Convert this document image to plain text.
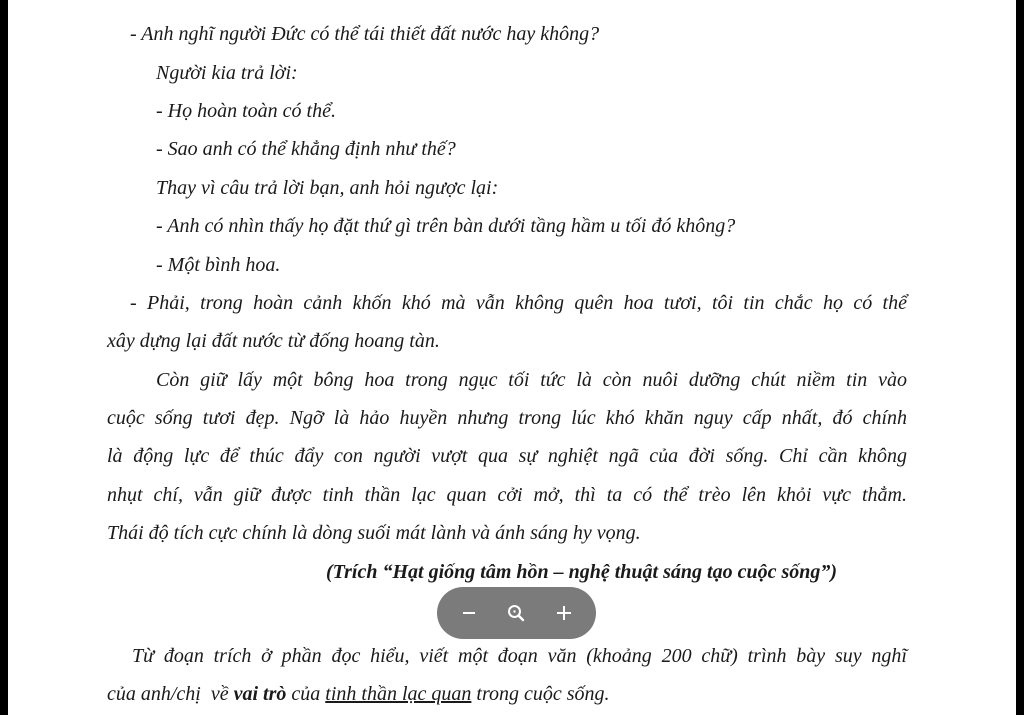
- Anh nghĩ người Đức có thể tái thiết đất nước hay không?
Người kia trả lời:
- Họ hoàn toàn có thể.
- Sao anh có thể khẳng định như thế?
Thay vì câu trả lời bạn, anh hỏi ngược lại:
- Anh có nhìn thấy họ đặt thứ gì trên bàn dưới tầng hầm u tối đó không?
- Một bình hoa.
- Phải, trong hoàn cảnh khốn khó mà vẫn không quên hoa tươi, tôi tin chắc họ có thể
xây dựng lại đất nước từ đống hoang tàn.
Còn giữ lấy một bông hoa trong ngục tối tức là còn nuôi dưỡng chút niềm tin vào
cuộc sống tươi đẹp. Ngỡ là hảo huyền nhưng trong lúc khó khăn nguy cấp nhất, đó chính
là động lực để thúc đẩy con người vượt qua sự nghiệt ngã của đời sống. Chỉ cần không
nhụt chí, vẫn giữ được tinh thần lạc quan cởi mở, thì ta có thể trèo lên khỏi vực thẳm.
Thái độ tích cực chính là dòng suối mát lành và ánh sáng hy vọng.
(Trích “Hạt giống tâm hồn – nghệ thuật sáng tạo cuộc sống”)
Từ đoạn trích ở phần đọc hiểu, viết một đoạn văn (khoảng 200 chữ) trình bày suy nghĩ
của anh/chị  về vai trò của tinh thần lạc quan trong cuộc sống.
